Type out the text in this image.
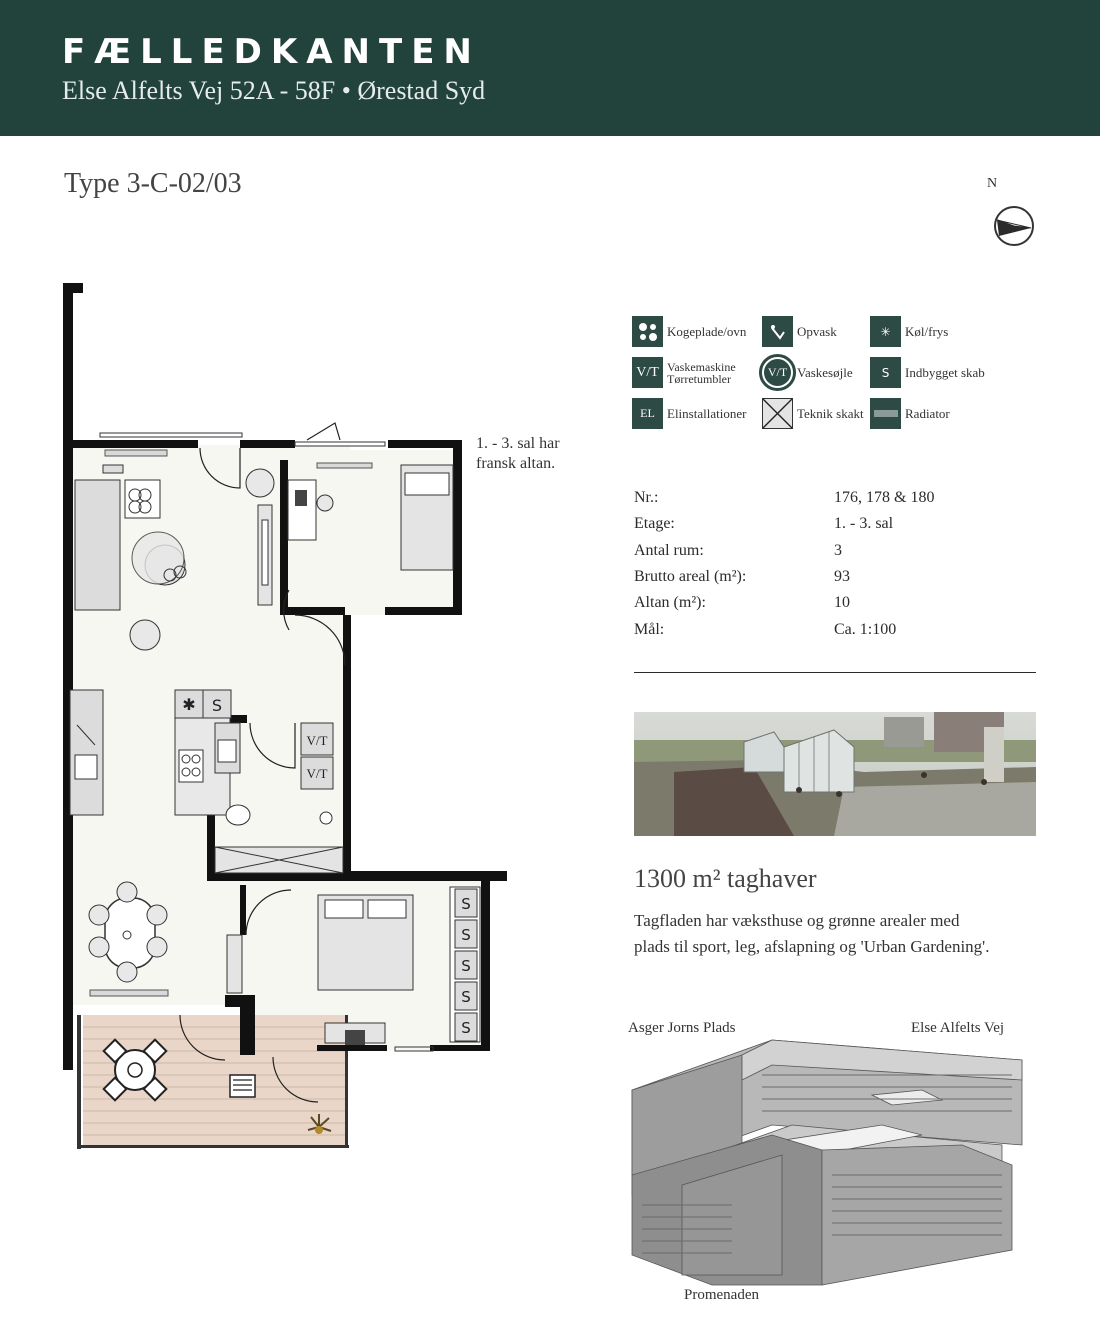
FÆLLEDKANTEN
Else Alfelts Vej 52A - 58F • Ørestad Syd
Type 3-C-02/03	N
✱ S
V/T
V/T
S
S
S
S
S
1. - 3. sal har fransk altan.
Kogeplade/ovn	Opvask	✳	Køl/frys
V/T Vaskemaskine Tørretumbler	V/T Vaskesøjle	S	Indbygget skab
EL Elinstallationer	Teknik skakt	Radiator
Nr.:	176, 178 & 180
Etage:	1. - 3. sal
Antal rum:	3
Brutto areal (m²):	93
Altan (m²):	10
Mål:	Ca. 1:100
1300 m² taghaver
Tagfladen har væksthuse og grønne arealer med plads til sport, leg, afslapning og 'Urban Gardening'.
Asger Jorns Plads	Else Alfelts Vej
Promenaden
